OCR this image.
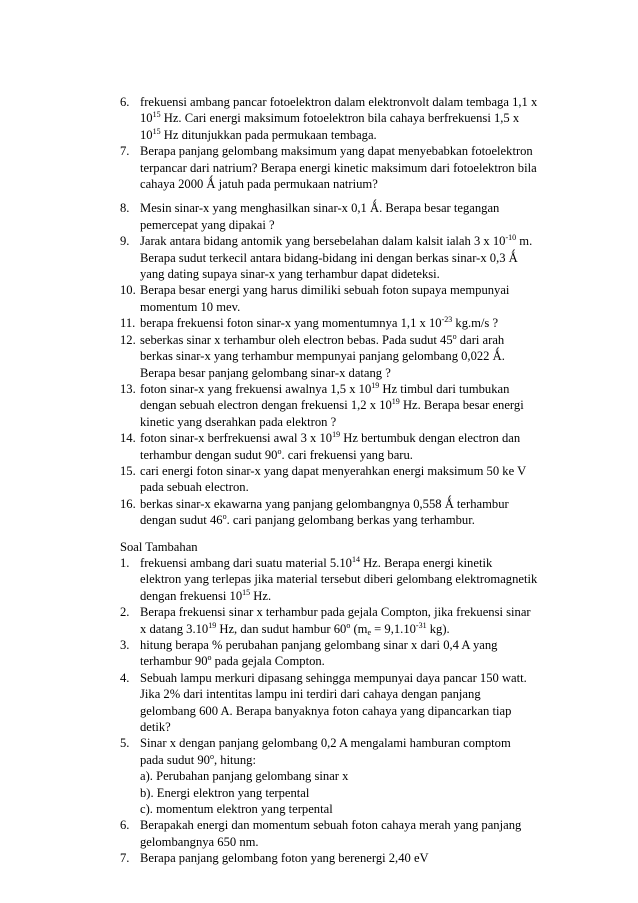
6. frekuensi ambang pancar fotoelektron dalam elektronvolt dalam tembaga 1,1 x
$10^{15}$ Hz. Cari energi maksimum fotoelektron bila cahaya berfrekuensi 1,5 x
$10^{15}$ Hz ditunjukkan pada permukaan tembaga.
7. Berapa panjang gelombang maksimum yang dapat menyebabkan fotoelektron
terpancar dari natrium? Berapa energi kinetic maksimum dari fotoelektron bila
cahaya 2000 Ǻ jatuh pada permukaan natrium?
8. Mesin sinar-x yang menghasilkan sinar-x 0,1 Ǻ. Berapa besar tegangan
pemercepat yang dipakai ?
9. Jarak antara bidang antomik yang bersebelahan dalam kalsit ialah 3 x $10^{-10}$ m.
Berapa sudut terkecil antara bidang-bidang ini dengan berkas sinar-x 0,3 Ǻ
yang dating supaya sinar-x yang terhambur dapat dideteksi.
10. Berapa besar energi yang harus dimiliki sebuah foton supaya mempunyai
momentum 10 mev.
11. berapa frekuensi foton sinar-x yang momentumnya 1,1 x $10^{-23}$ kg.m/s ?
12. seberkas sinar x terhambur oleh electron bebas. Pada sudut 45$^o$ dari arah
berkas sinar-x yang terhambur mempunyai panjang gelombang 0,022 Ǻ.
Berapa besar panjang gelombang sinar-x datang ?
13. foton sinar-x yang frekuensi awalnya 1,5 x $10^{19}$ Hz timbul dari tumbukan
dengan sebuah electron dengan frekuensi 1,2 x $10^{19}$ Hz. Berapa besar energi
kinetic yang dserahkan pada elektron ?
14. foton sinar-x berfrekuensi awal 3 x $10^{19}$ Hz bertumbuk dengan electron dan
terhambur dengan sudut 90$^o$. cari frekuensi yang baru.
15. cari energi foton sinar-x yang dapat menyerahkan energi maksimum 50 ke V
pada sebuah electron.
16. berkas sinar-x ekawarna yang panjang gelombangnya 0,558 Ǻ terhambur
dengan sudut 46$^o$. cari panjang gelombang berkas yang terhambur.
Soal Tambahan
1. frekuensi ambang dari suatu material 5.10$^{14}$ Hz. Berapa energi kinetik
elektron yang terlepas jika material tersebut diberi gelombang elektromagnetik
dengan frekuensi $10^{15}$ Hz.
2. Berapa frekuensi sinar x terhambur pada gejala Compton, jika frekuensi sinar
x datang 3.10$^{19}$ Hz, dan sudut hambur 60$^o$ ($m_e = 9,1.10^{-31}$ kg).
3. hitung berapa % perubahan panjang gelombang sinar x dari 0,4 A yang
terhambur 90$^o$ pada gejala Compton.
4. Sebuah lampu merkuri dipasang sehingga mempunyai daya pancar 150 watt.
Jika 2% dari intentitas lampu ini terdiri dari cahaya dengan panjang
gelombang 600 A. Berapa banyaknya foton cahaya yang dipancarkan tiap
detik?
5. Sinar x dengan panjang gelombang 0,2 A mengalami hamburan comptom
pada sudut 90$^o$, hitung:
a). Perubahan panjang gelombang sinar x
b). Energi elektron yang terpental
c). momentum elektron yang terpental
6. Berapakah energi dan momentum sebuah foton cahaya merah yang panjang
gelombangnya 650 nm.
7. Berapa panjang gelombang foton yang berenergi 2,40 eV
